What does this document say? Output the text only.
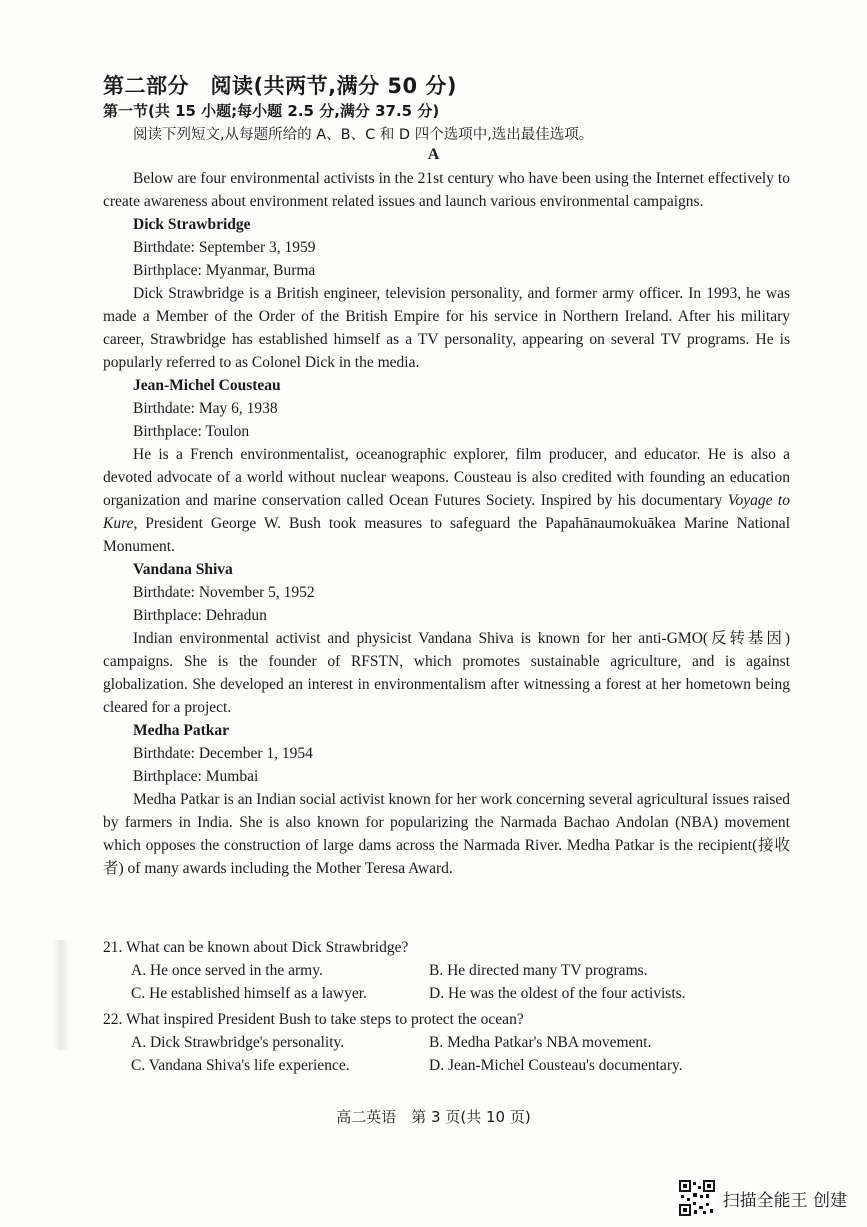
第二部分　阅读(共两节,满分 50 分)
第一节(共 15 小题;每小题 2.5 分,满分 37.5 分)
阅读下列短文,从每题所给的 A、B、C 和 D 四个选项中,选出最佳选项。
A

Below are four environmental activists in the 21st century who have been using the Internet effectively to create awareness about environment related issues and launch various environmental campaigns.

Dick Strawbridge

Birthdate: September 3, 1959

Birthplace: Myanmar, Burma

Dick Strawbridge is a British engineer, television personality, and former army officer. In 1993, he was made a Member of the Order of the British Empire for his service in Northern Ireland. After his military career, Strawbridge has established himself as a TV personality, appearing on several TV programs. He is popularly referred to as Colonel Dick in the media.

Jean-Michel Cousteau

Birthdate: May 6, 1938

Birthplace: Toulon

He is a French environmentalist, oceanographic explorer, film producer, and educator. He is also a devoted advocate of a world without nuclear weapons. Cousteau is also credited with founding an education organization and marine conservation called Ocean Futures Society. Inspired by his documentary Voyage to Kure, President George W. Bush took measures to safeguard the Papahānaumokuākea Marine National Monument.

Vandana Shiva

Birthdate: November 5, 1952

Birthplace: Dehradun

Indian environmental activist and physicist Vandana Shiva is known for her anti-GMO(反转基因) campaigns. She is the founder of RFSTN, which promotes sustainable agriculture, and is against globalization. She developed an interest in environmentalism after witnessing a forest at her hometown being cleared for a project.

Medha Patkar

Birthdate: December 1, 1954

Birthplace: Mumbai

Medha Patkar is an Indian social activist known for her work concerning several agricultural issues raised by farmers in India. She is also known for popularizing the Narmada Bachao Andolan (NBA) movement which opposes the construction of large dams across the Narmada River. Medha Patkar is the recipient(接收者) of many awards including the Mother Teresa Award.

21. What can be known about Dick Strawbridge?
A. He once served in the army.	B. He directed many TV programs.
C. He established himself as a lawyer.	D. He was the oldest of the four activists.
22. What inspired President Bush to take steps to protect the ocean?
A. Dick Strawbridge's personality.	B. Medha Patkar's NBA movement.
C. Vandana Shiva's life experience.	D. Jean-Michel Cousteau's documentary.
高二英语　第 3 页(共 10 页)
扫描全能王 创建
